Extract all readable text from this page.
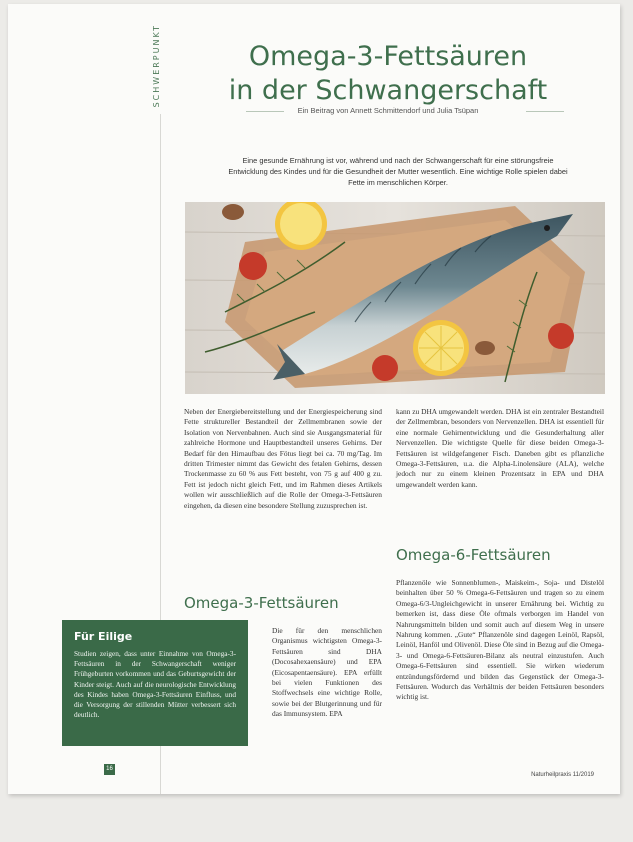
SCHWERPUNKT	Omega-3-Fettsäuren
in der Schwangerschaft
Ein Beitrag von Annett Schmittendorf und Julia Tsüpan

Eine gesunde Ernährung ist vor, während und nach der Schwangerschaft für eine störungsfreie Entwicklung des Kindes und für die Gesundheit der Mutter wesentlich. Eine wichtige Rolle spielen dabei Fette im menschlichen Körper.

Neben der Energiebereitstellung und der Energiespeicherung sind Fette struktureller Bestandteil der Zellmembranen sowie der Isolation von Nervenbahnen. Auch sind sie Ausgangsmaterial für zahlreiche Hormone und Hauptbestandteil unseres Gehirns. Der Bedarf für den Hirnaufbau des Fötus liegt bei ca. 70 mg/Tag. Im dritten Trimester nimmt das Gewicht des fetalen Gehirns, dessen Trockenmasse zu 60 % aus Fett besteht, von 75 g auf 400 g zu. Fett ist jedoch nicht gleich Fett, und im Rahmen dieses Artikels wollen wir ausschließlich auf die Rolle der Omega-3-Fettsäuren eingehen, da diesen eine besondere Stellung zuzusprechen ist.

Omega-3-Fettsäuren

Die für den menschlichen Organismus wichtigsten Omega-3-Fettsäuren sind DHA (Docosahexaensäure) und EPA (Eicosapentaensäure). EPA erfüllt bei vielen Funktionen des Stoffwechsels eine wichtige Rolle, sowie bei der Blutgerinnung und für das Immunsystem. EPA

kann zu DHA umgewandelt werden. DHA ist ein zentraler Bestandteil der Zellmembran, besonders von Nervenzellen. DHA ist essentiell für eine normale Gehirnentwicklung und die Gesunderhaltung aller Nervenzellen. Die wichtigste Quelle für diese beiden Omega-3-Fettsäuren ist wildgefangener Fisch. Daneben gibt es pflanzliche Omega-3-Fettsäuren, u.a. die Alpha-Linolensäure (ALA), welche jedoch nur zu einem kleinen Prozentsatz in EPA und DHA umgewandelt werden kann.

Omega-6-Fettsäuren

Pflanzenöle wie Sonnenblumen-, Maiskeim-, Soja- und Distelöl beinhalten über 50 % Omega-6-Fettsäuren und tragen so zu einem Omega-6/3-Ungleichgewicht in unserer Ernährung bei. Wichtig zu bemerken ist, dass diese Öle oftmals verborgen im Handel von Nahrungsmitteln bilden und somit auch auf diesem Weg in unsere Nahrung kommen. „Gute“ Pflanzenöle sind dagegen Leinöl, Rapsöl, Leinöl, Hanföl und Olivenöl. Diese Öle sind in Bezug auf die Omega-3- und Omega-6-Fettsäuren-Bilanz als neutral einzustufen. Auch Omega-6-Fettsäuren sind essentiell. Sie wirken wiederum entzündungsfördernd und bilden das Gegenstück der Omega-3-Fettsäuren. Wodurch das Verhältnis der beiden Fettsäuren besonders wichtig ist.

16
Naturheilpraxis 11/2019
Für Eilige

Studien zeigen, dass unter Einnahme von Omega-3-Fettsäuren in der Schwangerschaft weniger Frühgeburten vorkommen und das Geburtsgewicht der Kinder steigt. Auch auf die neurologische Entwicklung des Kindes haben Omega-3-Fettsäuren Einfluss, und die Versorgung der stillenden Mütter verbessert sich deutlich.
